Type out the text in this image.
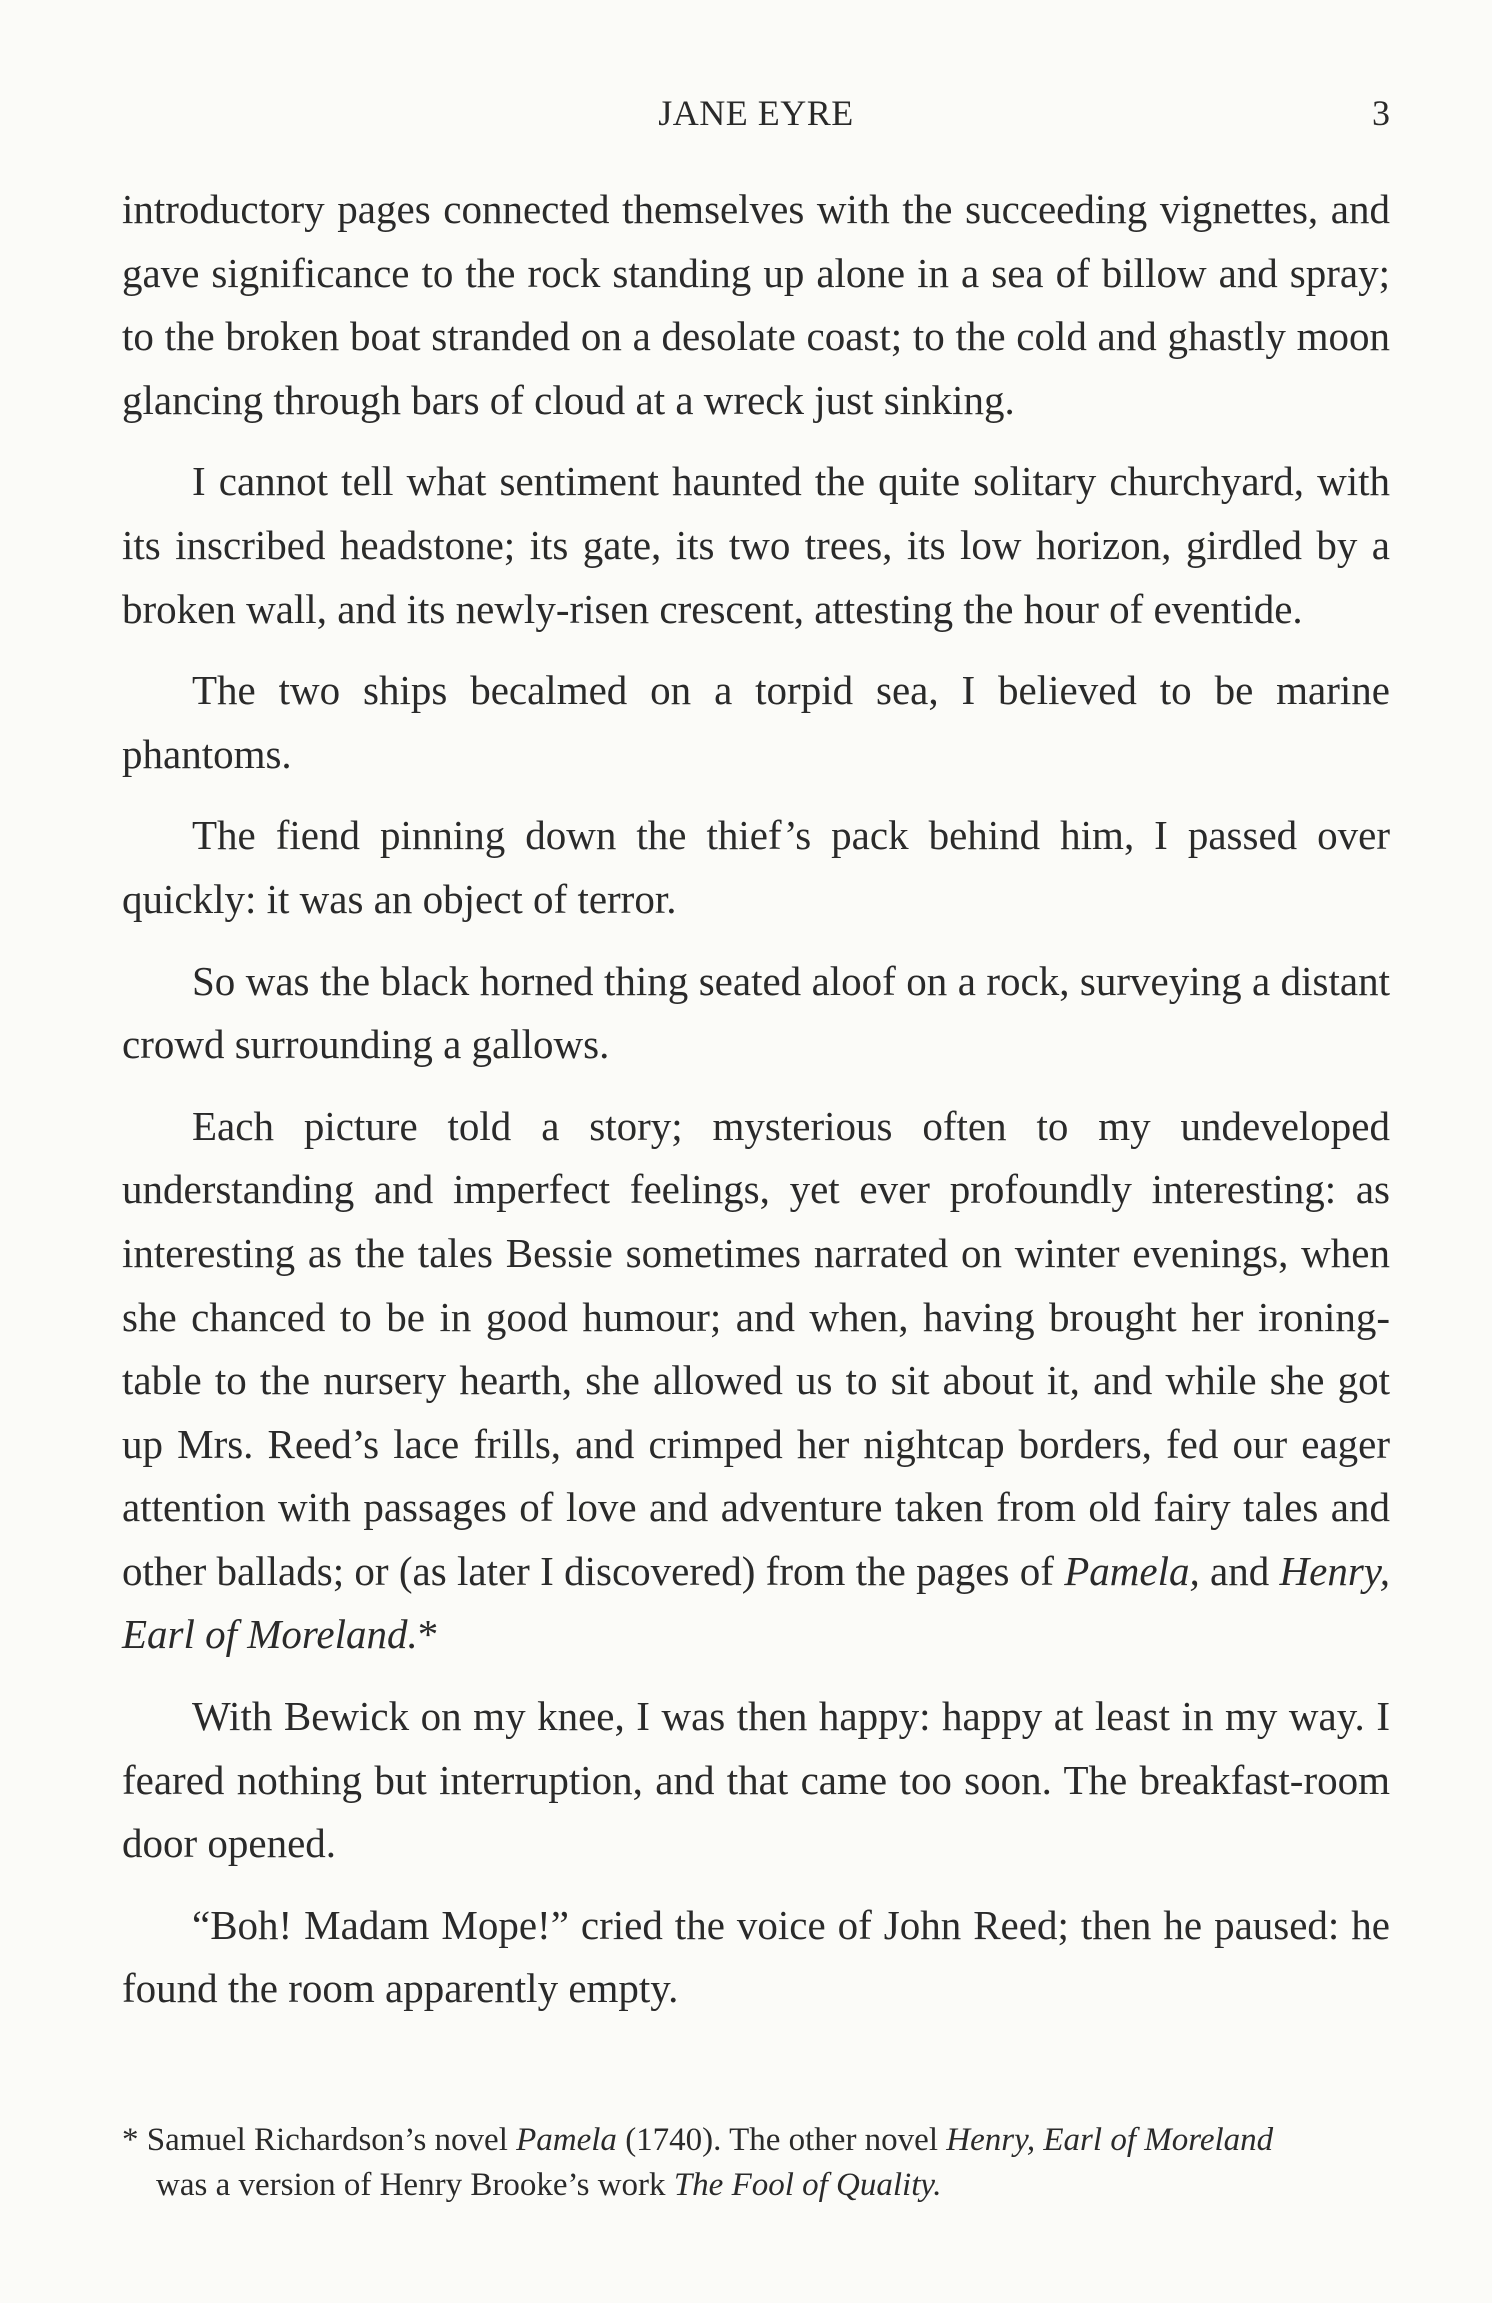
JANE EYRE	3

introductory pages connected themselves with the succeeding vignettes, and gave significance to the rock standing up alone in a sea of billow and spray; to the broken boat stranded on a desolate coast; to the cold and ghastly moon glancing through bars of cloud at a wreck just sinking.

I cannot tell what sentiment haunted the quite solitary churchyard, with its inscribed headstone; its gate, its two trees, its low horizon, girdled by a broken wall, and its newly-risen crescent, attesting the hour of eventide.

The two ships becalmed on a torpid sea, I believed to be marine phantoms.

The fiend pinning down the thief’s pack behind him, I passed over quickly: it was an object of terror.

So was the black horned thing seated aloof on a rock, surveying a distant crowd surrounding a gallows.

Each picture told a story; mysterious often to my undeveloped understanding and imperfect feelings, yet ever profoundly interesting: as interesting as the tales Bessie sometimes narrated on winter evenings, when she chanced to be in good humour; and when, having brought her ironing-table to the nursery hearth, she allowed us to sit about it, and while she got up Mrs. Reed’s lace frills, and crimped her nightcap borders, fed our eager attention with passages of love and adventure taken from old fairy tales and other ballads; or (as later I discovered) from the pages of Pamela, and Henry, Earl of Moreland.*

With Bewick on my knee, I was then happy: happy at least in my way. I feared nothing but interruption, and that came too soon. The breakfast-room door opened.

“Boh! Madam Mope!” cried the voice of John Reed; then he paused: he found the room apparently empty.

* Samuel Richardson’s novel Pamela (1740). The other novel Henry, Earl of Moreland
was a version of Henry Brooke’s work The Fool of Quality.
